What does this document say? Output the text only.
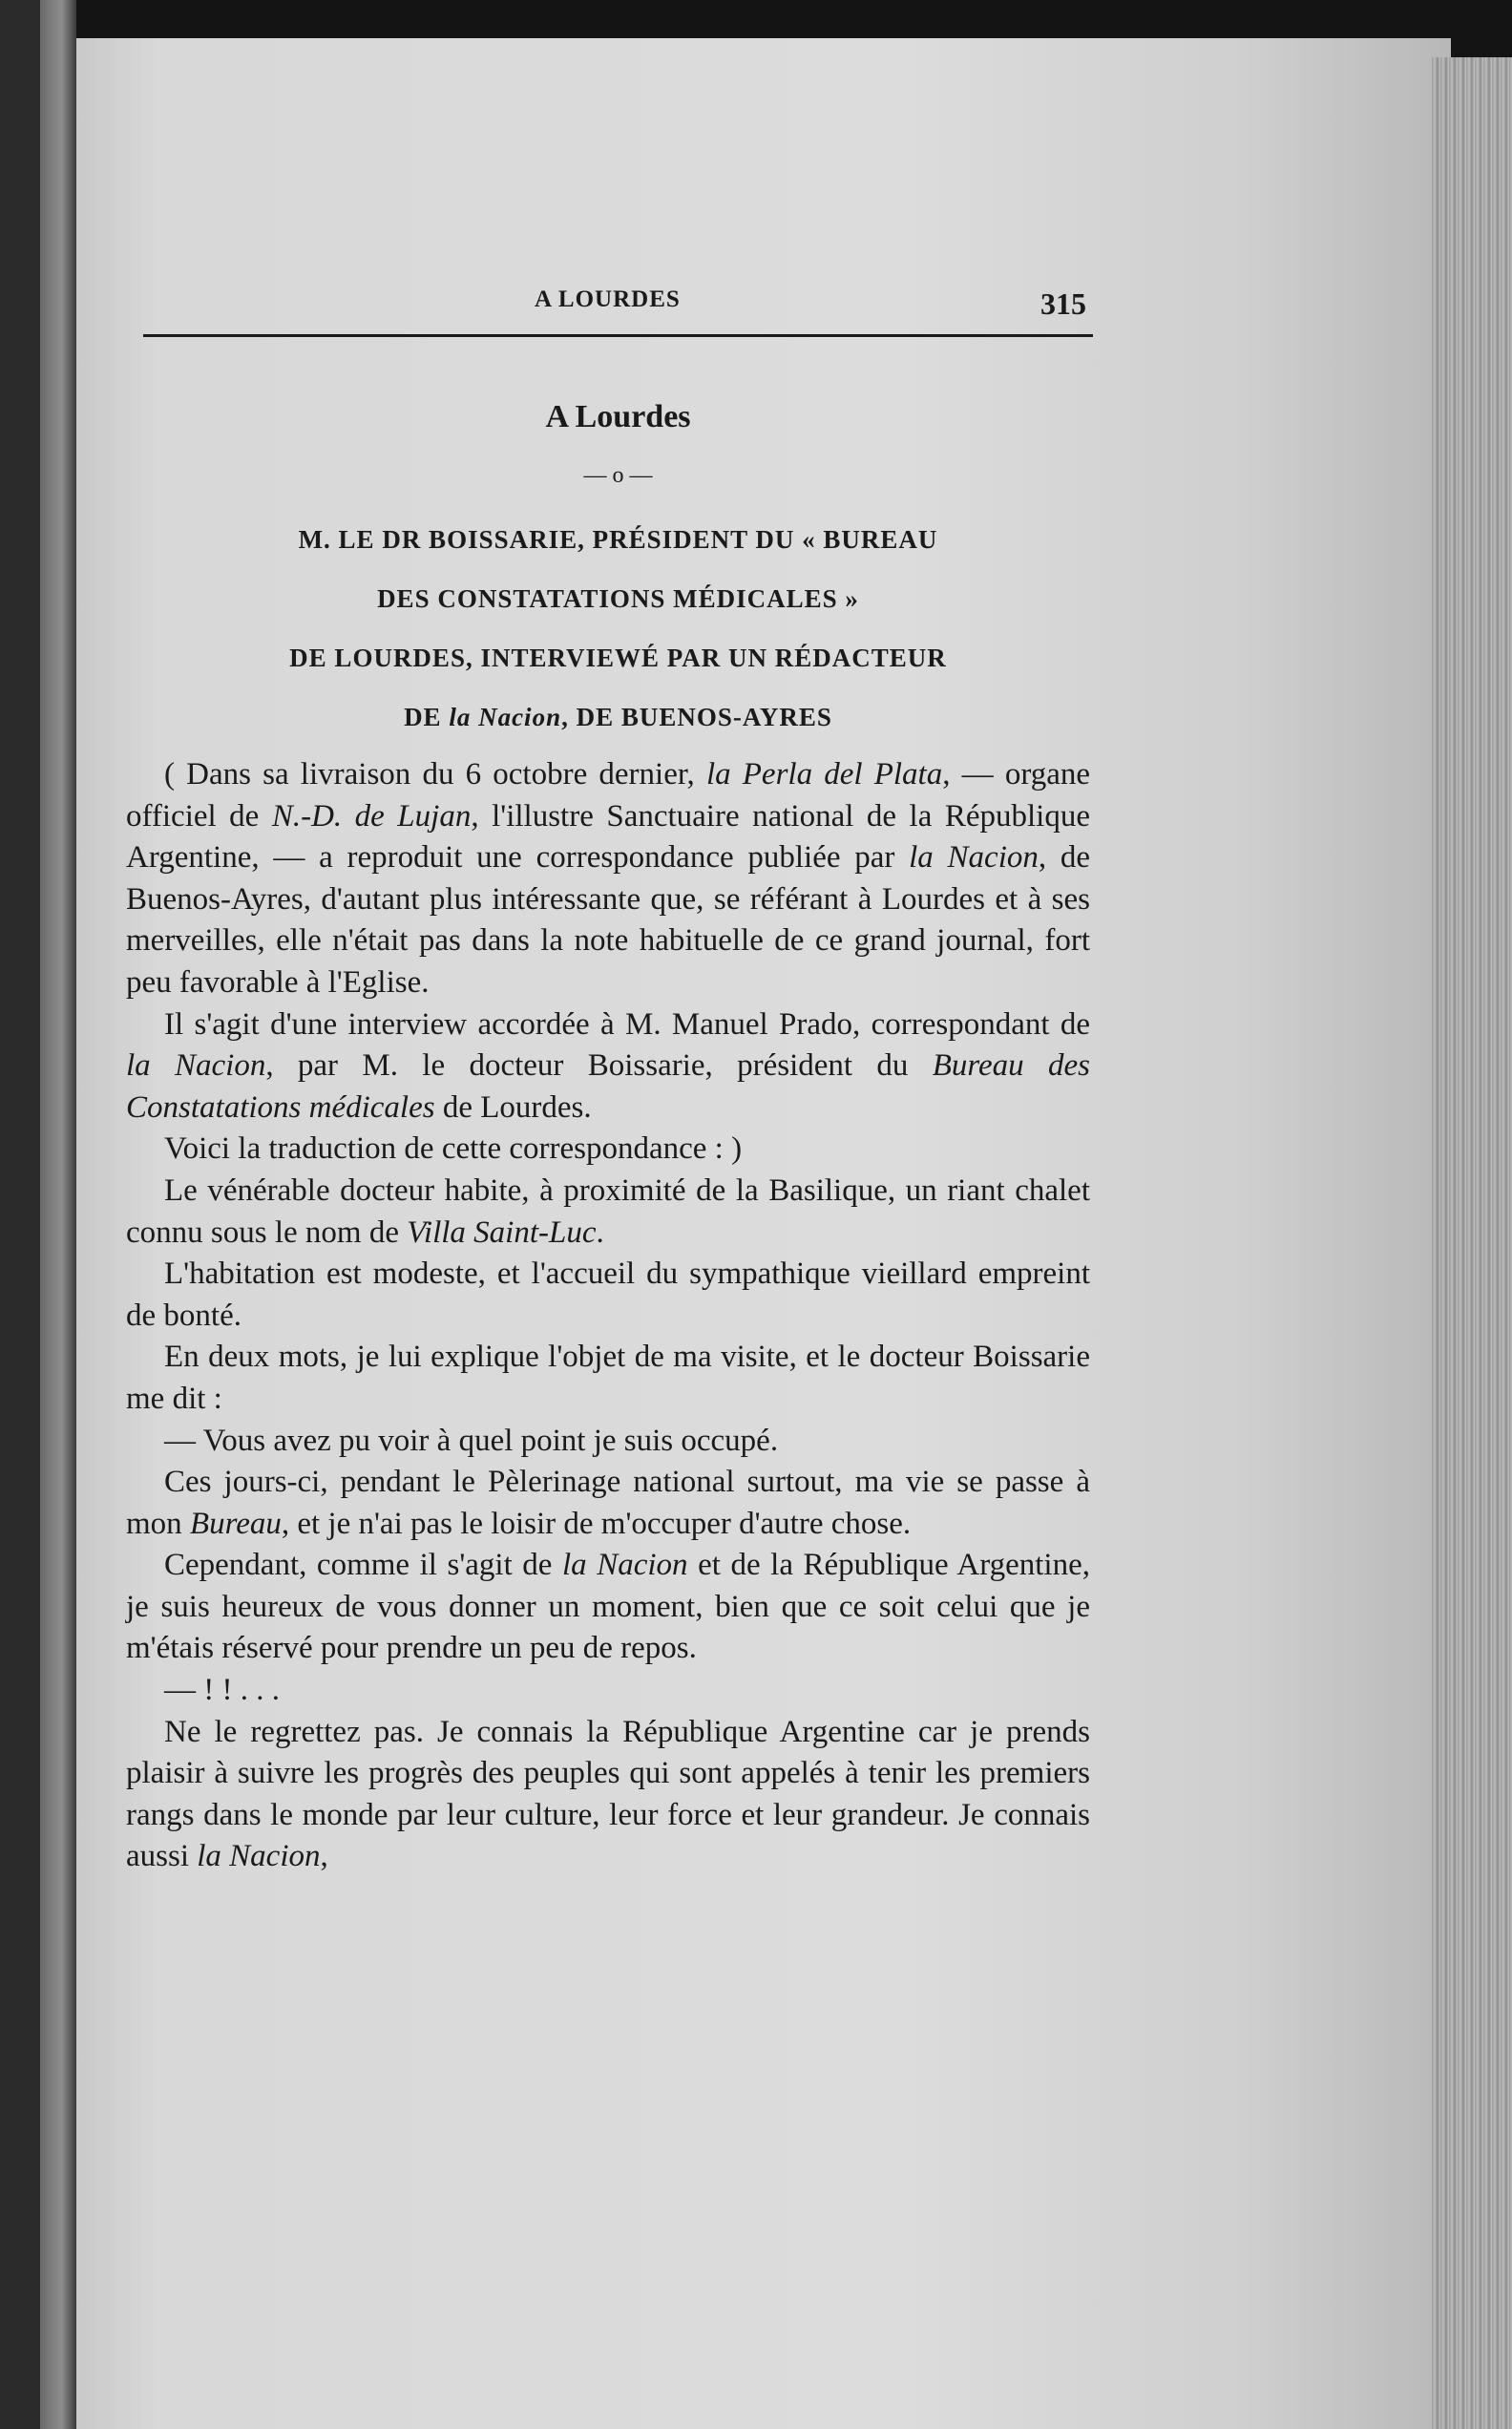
A LOURDES	315
A Lourdes
— o —
M. LE DR BOISSARIE, PRÉSIDENT DU « BUREAU
DES CONSTATATIONS MÉDICALES »
DE LOURDES, INTERVIEWÉ PAR UN RÉDACTEUR
DE la Nacion, DE BUENOS-AYRES

( Dans sa livraison du 6 octobre dernier, la Perla del Plata, — organe officiel de N.-D. de Lujan, l'illustre Sanctuaire national de la République Argentine, — a reproduit une correspondance publiée par la Nacion, de Buenos-Ayres, d'autant plus intéressante que, se référant à Lourdes et à ses merveilles, elle n'était pas dans la note habituelle de ce grand journal, fort peu favorable à l'Eglise.

Il s'agit d'une interview accordée à M. Manuel Prado, correspondant de la Nacion, par M. le docteur Boissarie, président du Bureau des Constatations médicales de Lourdes.

Voici la traduction de cette correspondance : )

Le vénérable docteur habite, à proximité de la Basilique, un riant chalet connu sous le nom de Villa Saint-Luc.

L'habitation est modeste, et l'accueil du sympathique vieillard empreint de bonté.

En deux mots, je lui explique l'objet de ma visite, et le docteur Boissarie me dit :

— Vous avez pu voir à quel point je suis occupé.

Ces jours-ci, pendant le Pèlerinage national surtout, ma vie se passe à mon Bureau, et je n'ai pas le loisir de m'occuper d'autre chose.

Cependant, comme il s'agit de la Nacion et de la République Argentine, je suis heureux de vous donner un moment, bien que ce soit celui que je m'étais réservé pour prendre un peu de repos.

— ! ! . . .

Ne le regrettez pas. Je connais la République Argentine car je prends plaisir à suivre les progrès des peuples qui sont appelés à tenir les premiers rangs dans le monde par leur culture, leur force et leur grandeur. Je connais aussi la Nacion,
